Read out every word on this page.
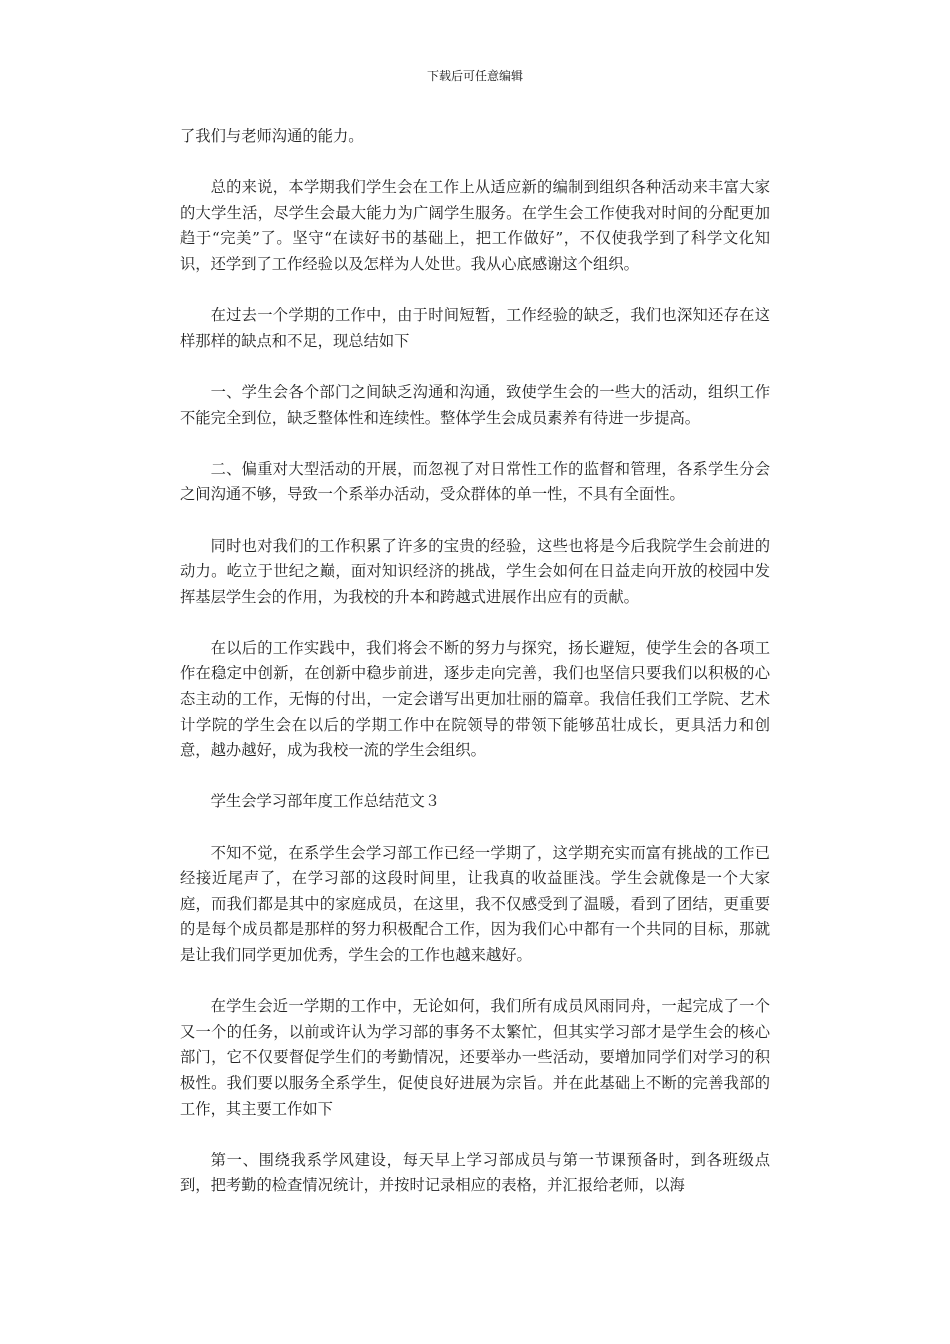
下载后可任意编辑

了我们与老师沟通的能力。

总的来说，本学期我们学生会在工作上从适应新的编制到组织各种活动来丰富大家的大学生活，尽学生会最大能力为广阔学生服务。在学生会工作使我对时间的分配更加趋于“完美”了。坚守“在读好书的基础上，把工作做好”，不仅使我学到了科学文化知识，还学到了工作经验以及怎样为人处世。我从心底感谢这个组织。

在过去一个学期的工作中，由于时间短暂，工作经验的缺乏，我们也深知还存在这样那样的缺点和不足，现总结如下

一、学生会各个部门之间缺乏沟通和沟通，致使学生会的一些大的活动，组织工作不能完全到位，缺乏整体性和连续性。整体学生会成员素养有待进一步提高。

二、偏重对大型活动的开展，而忽视了对日常性工作的监督和管理，各系学生分会之间沟通不够，导致一个系举办活动，受众群体的单一性，不具有全面性。

同时也对我们的工作积累了许多的宝贵的经验，这些也将是今后我院学生会前进的动力。屹立于世纪之巅，面对知识经济的挑战，学生会如何在日益走向开放的校园中发挥基层学生会的作用，为我校的升本和跨越式进展作出应有的贡献。

在以后的工作实践中，我们将会不断的努力与探究，扬长避短，使学生会的各项工作在稳定中创新，在创新中稳步前进，逐步走向完善，我们也坚信只要我们以积极的心态主动的工作，无悔的付出，一定会谱写出更加壮丽的篇章。我信任我们工学院、艺术计学院的学生会在以后的学期工作中在院领导的带领下能够茁壮成长，更具活力和创意，越办越好，成为我校一流的学生会组织。

学生会学习部年度工作总结范文３

不知不觉，在系学生会学习部工作已经一学期了，这学期充实而富有挑战的工作已经接近尾声了，在学习部的这段时间里，让我真的收益匪浅。学生会就像是一个大家庭，而我们都是其中的家庭成员，在这里，我不仅感受到了温暖，看到了团结，更重要的是每个成员都是那样的努力积极配合工作，因为我们心中都有一个共同的目标，那就是让我们同学更加优秀，学生会的工作也越来越好。

在学生会近一学期的工作中，无论如何，我们所有成员风雨同舟，一起完成了一个又一个的任务，以前或许认为学习部的事务不太繁忙，但其实学习部才是学生会的核心部门，它不仅要督促学生们的考勤情况，还要举办一些活动，要增加同学们对学习的积极性。我们要以服务全系学生，促使良好进展为宗旨。并在此基础上不断的完善我部的工作，其主要工作如下

第一、围绕我系学风建设，每天早上学习部成员与第一节课预备时，到各班级点到，把考勤的检查情况统计，并按时记录相应的表格，并汇报给老师，以海
